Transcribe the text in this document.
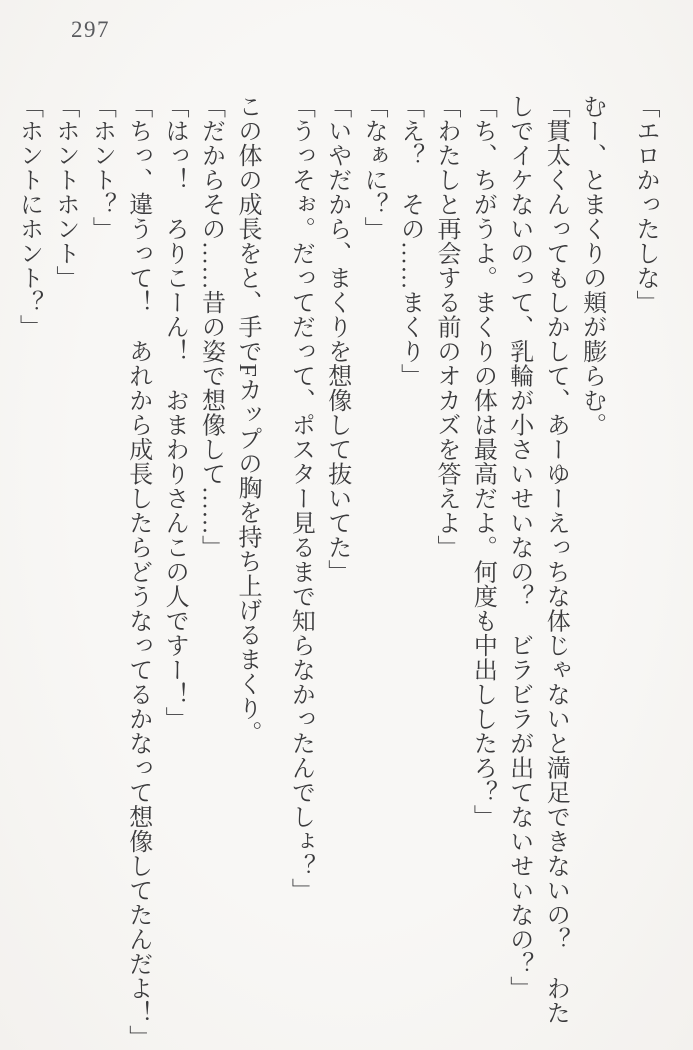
297

「エロかったしな」

むー、とまくりの頬が膨らむ。

「貫太くんってもしかして、あーゆーえっちな体じゃないと満足できないの？　わた

しでイケないのって、乳輪が小さいせいなの？　ビラビラが出てないせいなの？」

「ち、ちがうよ。まくりの体は最高だよ。何度も中出ししたろ？」

「わたしと再会する前のオカズを答えよ」

「え？　その……まくり」

「なぁに？」

「いやだから、まくりを想像して抜いてた」

「うっそぉ。だってだって、ポスター見るまで知らなかったんでしょ？」

この体の成長をと、手でFカップの胸を持ち上げるまくり。

「だからその……昔の姿で想像して……」

「はっ！　ろりこーん！　おまわりさんこの人ですー！」

「ちっ、違うって！　あれから成長したらどうなってるかなって想像してたんだよ！」

「ホント？」

「ホントホント」

「ホントにホント？」
